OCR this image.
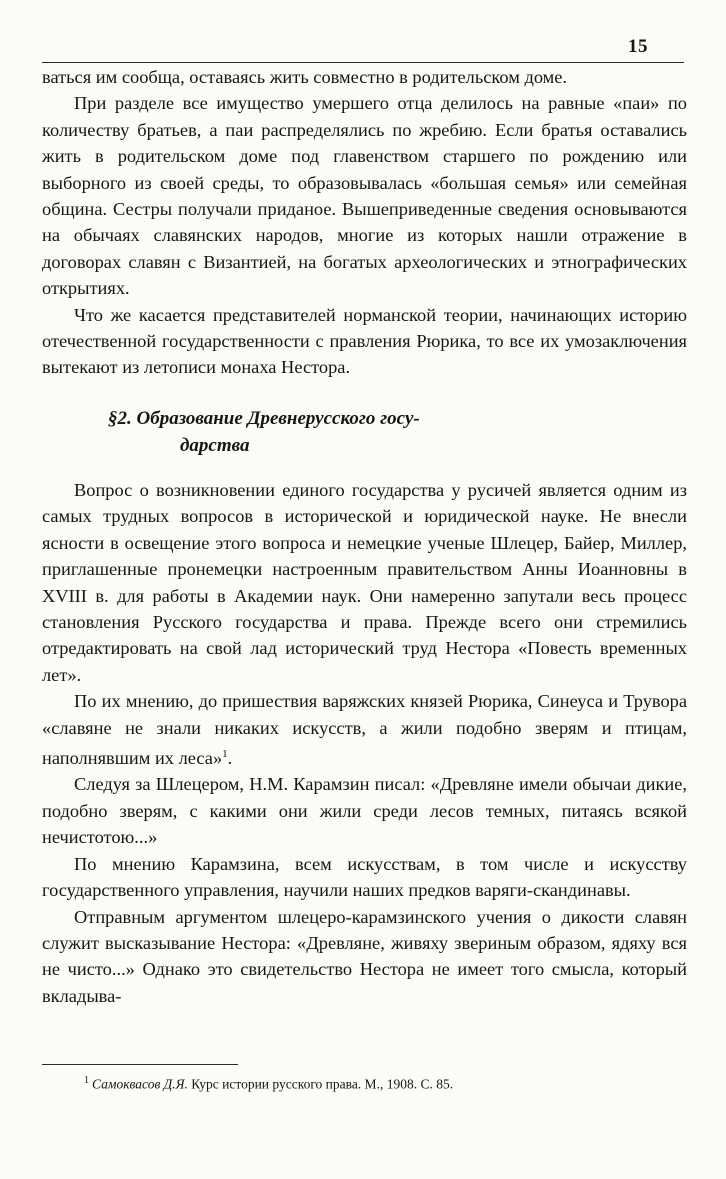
15

ваться им сообща, оставаясь жить совместно в родительском доме.

При разделе все имущество умершего отца делилось на равные «паи» по количеству братьев, а паи распределялись по жребию. Если братья оставались жить в родительском доме под главенством старшего по рождению или выборного из своей среды, то образовывалась «большая семья» или семейная община. Сестры получали приданое. Вышеприведенные сведения основываются на обычаях славянских народов, многие из которых нашли отражение в договорах славян с Византией, на богатых археологических и этнографических открытиях.

Что же касается представителей норманской теории, начинающих историю отечественной государственности с правления Рюрика, то все их умозаключения вытекают из летописи монаха Нестора.

§2. Образование Древнерусского госу-
дарства

Вопрос о возникновении единого государства у русичей является одним из самых трудных вопросов в исторической и юридической науке. Не внесли ясности в освещение этого вопроса и немецкие ученые Шлецер, Байер, Миллер, приглашенные пронемецки настроенным правительством Анны Иоанновны в XVIII в. для работы в Академии наук. Они намеренно запутали весь процесс становления Русского государства и права. Прежде всего они стремились отредактировать на свой лад исторический труд Нестора «Повесть временных лет».

По их мнению, до пришествия варяжских князей Рюрика, Синеуса и Трувора «славяне не знали никаких искусств, а жили подобно зверям и птицам, наполнявшим их леса»$^1$.

Следуя за Шлецером, Н.М. Карамзин писал: «Древляне имели обычаи дикие, подобно зверям, с какими они жили среди лесов темных, питаясь всякой нечистотою...»

По мнению Карамзина, всем искусствам, в том числе и искусству государственного управления, научили наших предков варяги-скандинавы.

Отправным аргументом шлецеро-карамзинского учения о дикости славян служит высказывание Нестора: «Древляне, живяху звериным образом, ядяху вся не чисто...» Однако это свидетельство Нестора не имеет того смысла, который вкладыва-

$^1$ Самоквасов Д.Я. Курс истории русского права. М., 1908. С. 85.
